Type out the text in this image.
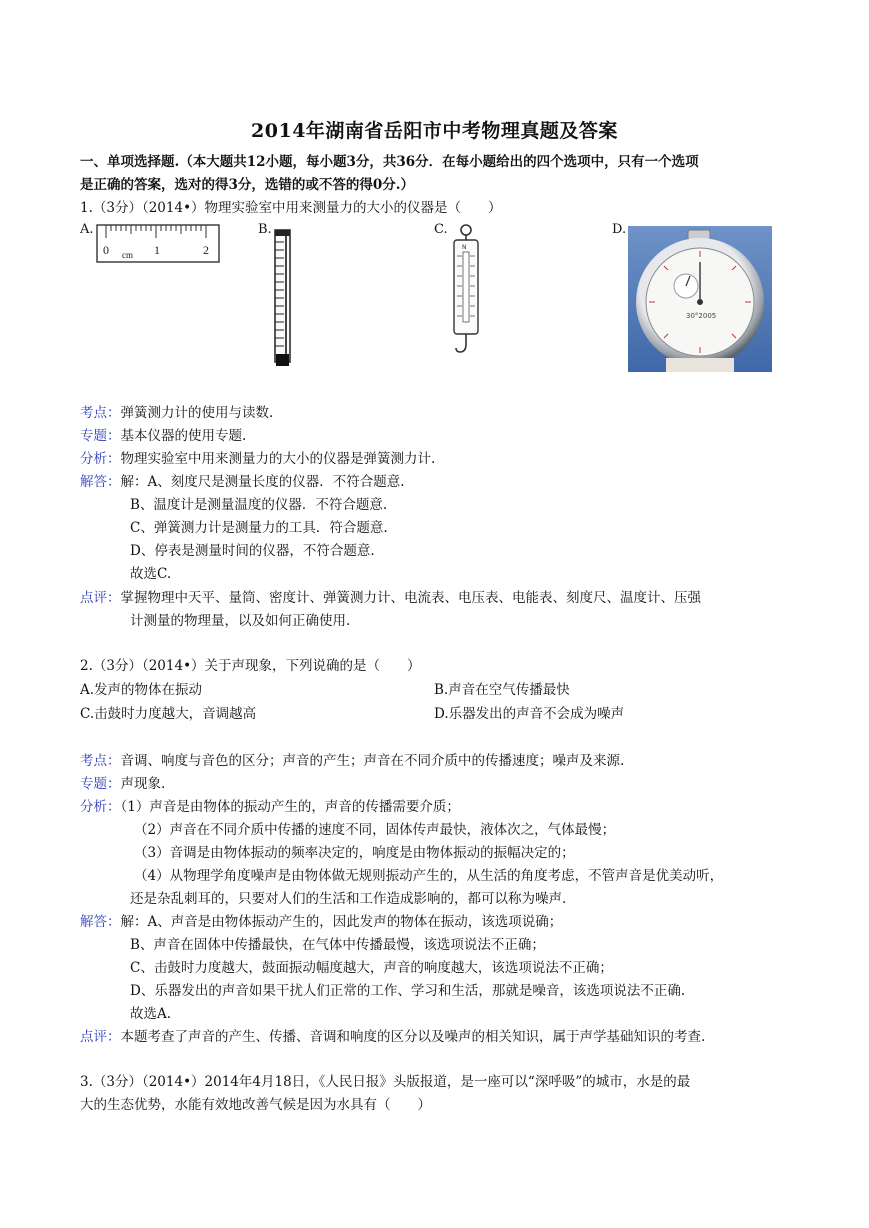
2014年湖南省岳阳市中考物理真题及答案
一、单项选择题.（本大题共12小题，每小题3分，共36分．在每小题给出的四个选项中，只有一个选项
是正确的答案，选对的得3分，选错的或不答的得0分.）
1.（3分）（2014•）物理实验室中用来测量力的大小的仪器是（　　）
A.	B.	C.	D.
0	1	2
cm
N
30°2005
考点：弹簧测力计的使用与读数.
专题：基本仪器的使用专题.
分析：物理实验室中用来测量力的大小的仪器是弹簧测力计.
解答：解：A、刻度尺是测量长度的仪器．不符合题意.
B、温度计是测量温度的仪器．不符合题意.
C、弹簧测力计是测量力的工具．符合题意.
D、停表是测量时间的仪器，不符合题意.
故选C.
点评：掌握物理中天平、量筒、密度计、弹簧测力计、电流表、电压表、电能表、刻度尺、温度计、压强
计测量的物理量，以及如何正确使用.
2.（3分）（2014•）关于声现象，下列说确的是（　　）
A.发声的物体在振动	B.声音在空气传播最快
C.击鼓时力度越大，音调越高	D.乐器发出的声音不会成为噪声
考点：音调、响度与音色的区分；声音的产生；声音在不同介质中的传播速度；噪声及来源.
专题：声现象.
分析：（1）声音是由物体的振动产生的，声音的传播需要介质；
（2）声音在不同介质中传播的速度不同，固体传声最快，液体次之，气体最慢；
（3）音调是由物体振动的频率决定的，响度是由物体振动的振幅决定的；
（4）从物理学角度噪声是由物体做无规则振动产生的，从生活的角度考虑，不管声音是优美动听，
还是杂乱刺耳的，只要对人们的生活和工作造成影响的，都可以称为噪声.
解答：解：A、声音是由物体振动产生的，因此发声的物体在振动，该选项说确；
B、声音在固体中传播最快，在气体中传播最慢，该选项说法不正确；
C、击鼓时力度越大，鼓面振动幅度越大，声音的响度越大，该选项说法不正确；
D、乐器发出的声音如果干扰人们正常的工作、学习和生活，那就是噪音，该选项说法不正确.
故选A.
点评：本题考查了声音的产生、传播、音调和响度的区分以及噪声的相关知识，属于声学基础知识的考查.
3.（3分）（2014•）2014年4月18日，《人民日报》头版报道，是一座可以“深呼吸”的城市，水是的最
大的生态优势，水能有效地改善气候是因为水具有（　　）
